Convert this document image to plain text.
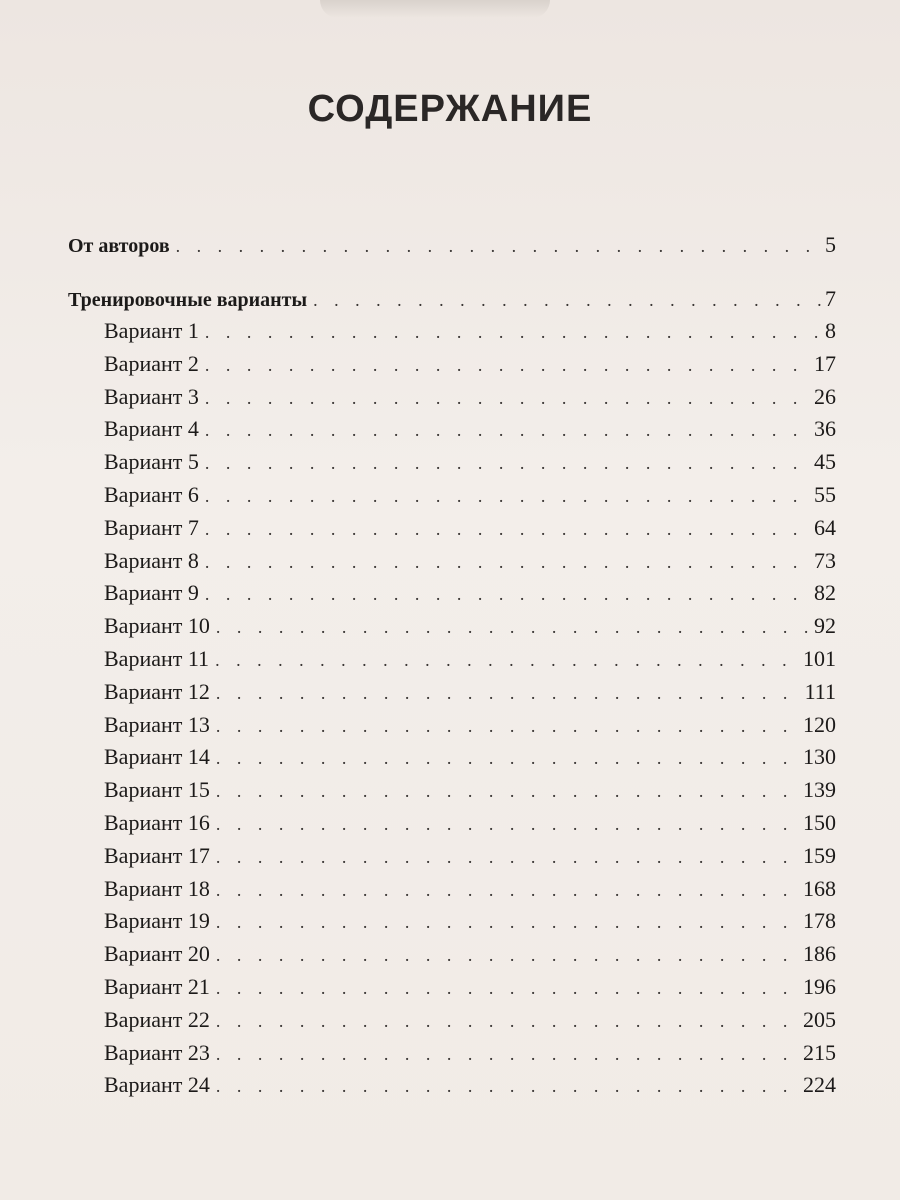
СОДЕРЖАНИЕ
От авторов . . .	5
Тренировочные варианты . . .	7
Вариант 1 . . .	8
Вариант 2 . . .	17
Вариант 3 . . .	26
Вариант 4 . . .	36
Вариант 5 . . .	45
Вариант 6 . . .	55
Вариант 7 . . .	64
Вариант 8 . . .	73
Вариант 9 . . .	82
Вариант 10 . . .	92
Вариант 11 . . .	101
Вариант 12 . . .	111
Вариант 13 . . .	120
Вариант 14 . . .	130
Вариант 15 . . .	139
Вариант 16 . . .	150
Вариант 17 . . .	159
Вариант 18 . . .	168
Вариант 19 . . .	178
Вариант 20 . . .	186
Вариант 21 . . .	196
Вариант 22 . . .	205
Вариант 23 . . .	215
Вариант 24 . . .	224
